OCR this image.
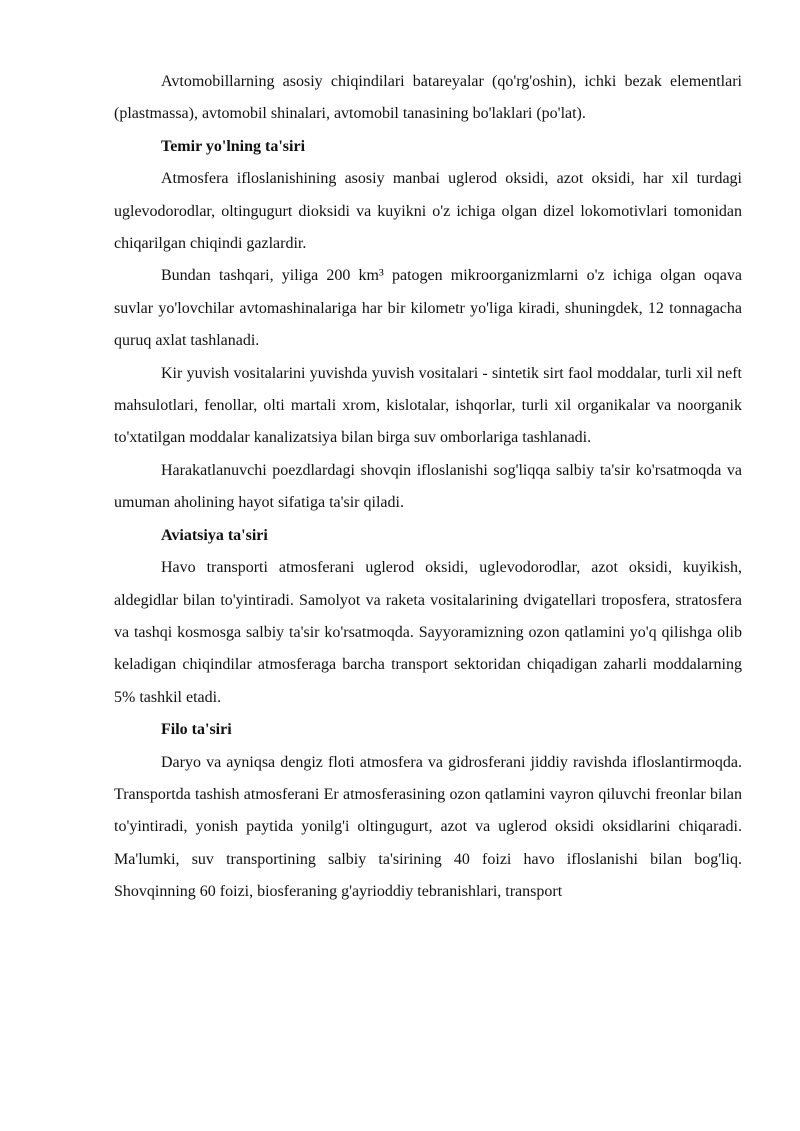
Avtomobillarning asosiy chiqindilari batareyalar (qo'rg'oshin), ichki bezak elementlari (plastmassa), avtomobil shinalari, avtomobil tanasining bo'laklari (po'lat).

Temir yo'lning ta'siri

Atmosfera ifloslanishining asosiy manbai uglerod oksidi, azot oksidi, har xil turdagi uglevodorodlar, oltingugurt dioksidi va kuyikni o'z ichiga olgan dizel lokomotivlari tomonidan chiqarilgan chiqindi gazlardir.

Bundan tashqari, yiliga 200 km³ patogen mikroorganizmlarni o'z ichiga olgan oqava suvlar yo'lovchilar avtomashinalariga har bir kilometr yo'liga kiradi, shuningdek, 12 tonnagacha quruq axlat tashlanadi.

Kir yuvish vositalarini yuvishda yuvish vositalari - sintetik sirt faol moddalar, turli xil neft mahsulotlari, fenollar, olti martali xrom, kislotalar, ishqorlar, turli xil organikalar va noorganik to'xtatilgan moddalar kanalizatsiya bilan birga suv omborlariga tashlanadi.

Harakatlanuvchi poezdlardagi shovqin ifloslanishi sog'liqqa salbiy ta'sir ko'rsatmoqda va umuman aholining hayot sifatiga ta'sir qiladi.

Aviatsiya ta'siri

Havo transporti atmosferani uglerod oksidi, uglevodorodlar, azot oksidi, kuyikish, aldegidlar bilan to'yintiradi. Samolyot va raketa vositalarining dvigatellari troposfera, stratosfera va tashqi kosmosga salbiy ta'sir ko'rsatmoqda. Sayyoramizning ozon qatlamini yo'q qilishga olib keladigan chiqindilar atmosferaga barcha transport sektoridan chiqadigan zaharli moddalarning 5% tashkil etadi.

Filo ta'siri

Daryo va ayniqsa dengiz floti atmosfera va gidrosferani jiddiy ravishda ifloslantirmoqda. Transportda tashish atmosferani Er atmosferasining ozon qatlamini vayron qiluvchi freonlar bilan to'yintiradi, yonish paytida yonilg'i oltingugurt, azot va uglerod oksidi oksidlarini chiqaradi. Ma'lumki, suv transportining salbiy ta'sirining 40 foizi havo ifloslanishi bilan bog'liq. Shovqinning 60 foizi, biosferaning g'ayrioddiy tebranishlari, transport
